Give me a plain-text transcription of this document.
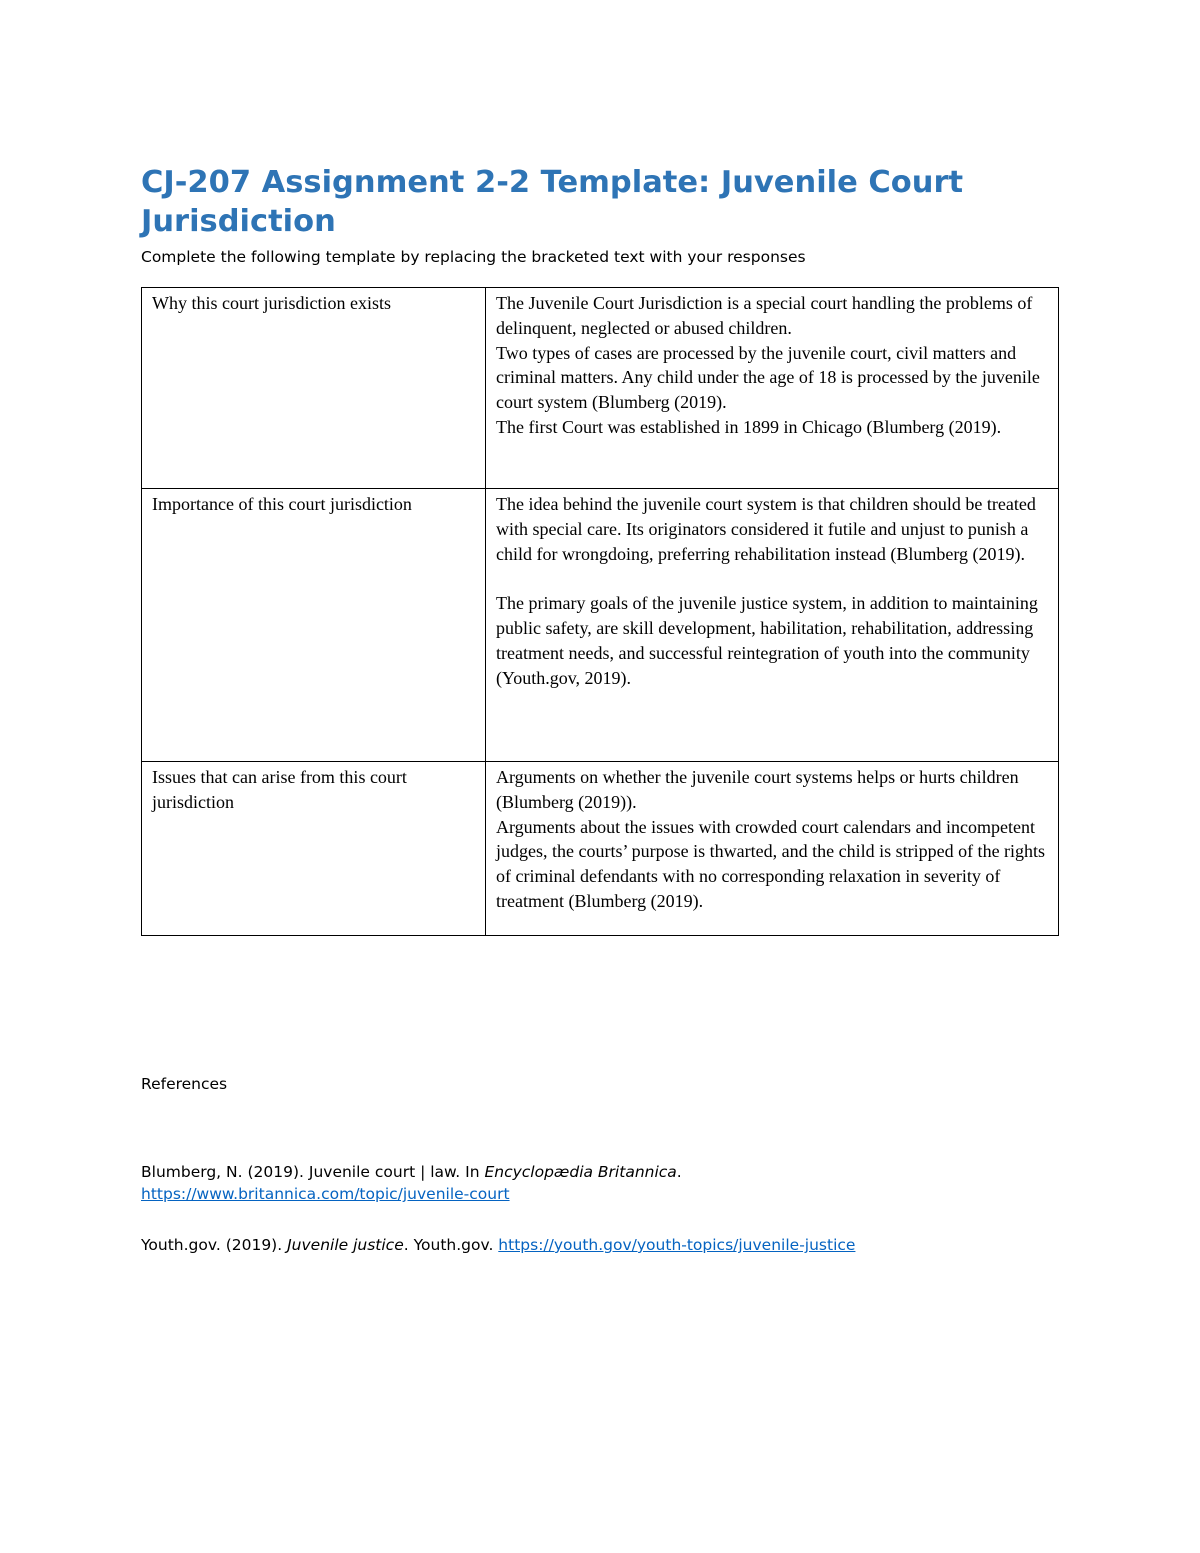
CJ-207 Assignment 2-2 Template: Juvenile Court Jurisdiction

Complete the following template by replacing the bracketed text with your responses

Why this court jurisdiction exists	The Juvenile Court Jurisdiction is a special court handling the problems of delinquent, neglected or abused children.

Two types of cases are processed by the juvenile court, civil matters and criminal matters. Any child under the age of 18 is processed by the juvenile court system (Blumberg (2019).

The first Court was established in 1899 in Chicago (Blumberg (2019).

Importance of this court jurisdiction	The idea behind the juvenile court system is that children should be treated with special care. Its originators considered it futile and unjust to punish a child for wrongdoing, preferring rehabilitation instead (Blumberg (2019).

The primary goals of the juvenile justice system, in addition to maintaining public safety, are skill development, habilitation, rehabilitation, addressing treatment needs, and successful reintegration of youth into the community (Youth.gov, 2019).

Issues that can arise from this court jurisdiction	Arguments on whether the juvenile court systems helps or hurts children (Blumberg (2019)).

Arguments about the issues with crowded court calendars and incompetent judges, the courts’ purpose is thwarted, and the child is stripped of the rights of criminal defendants with no corresponding relaxation in severity of treatment (Blumberg (2019).

References

Blumberg, N. (2019). Juvenile court | law. In Encyclopædia Britannica.
https://www.britannica.com/topic/juvenile-court

Youth.gov. (2019). Juvenile justice. Youth.gov. https://youth.gov/youth-topics/juvenile-justice
